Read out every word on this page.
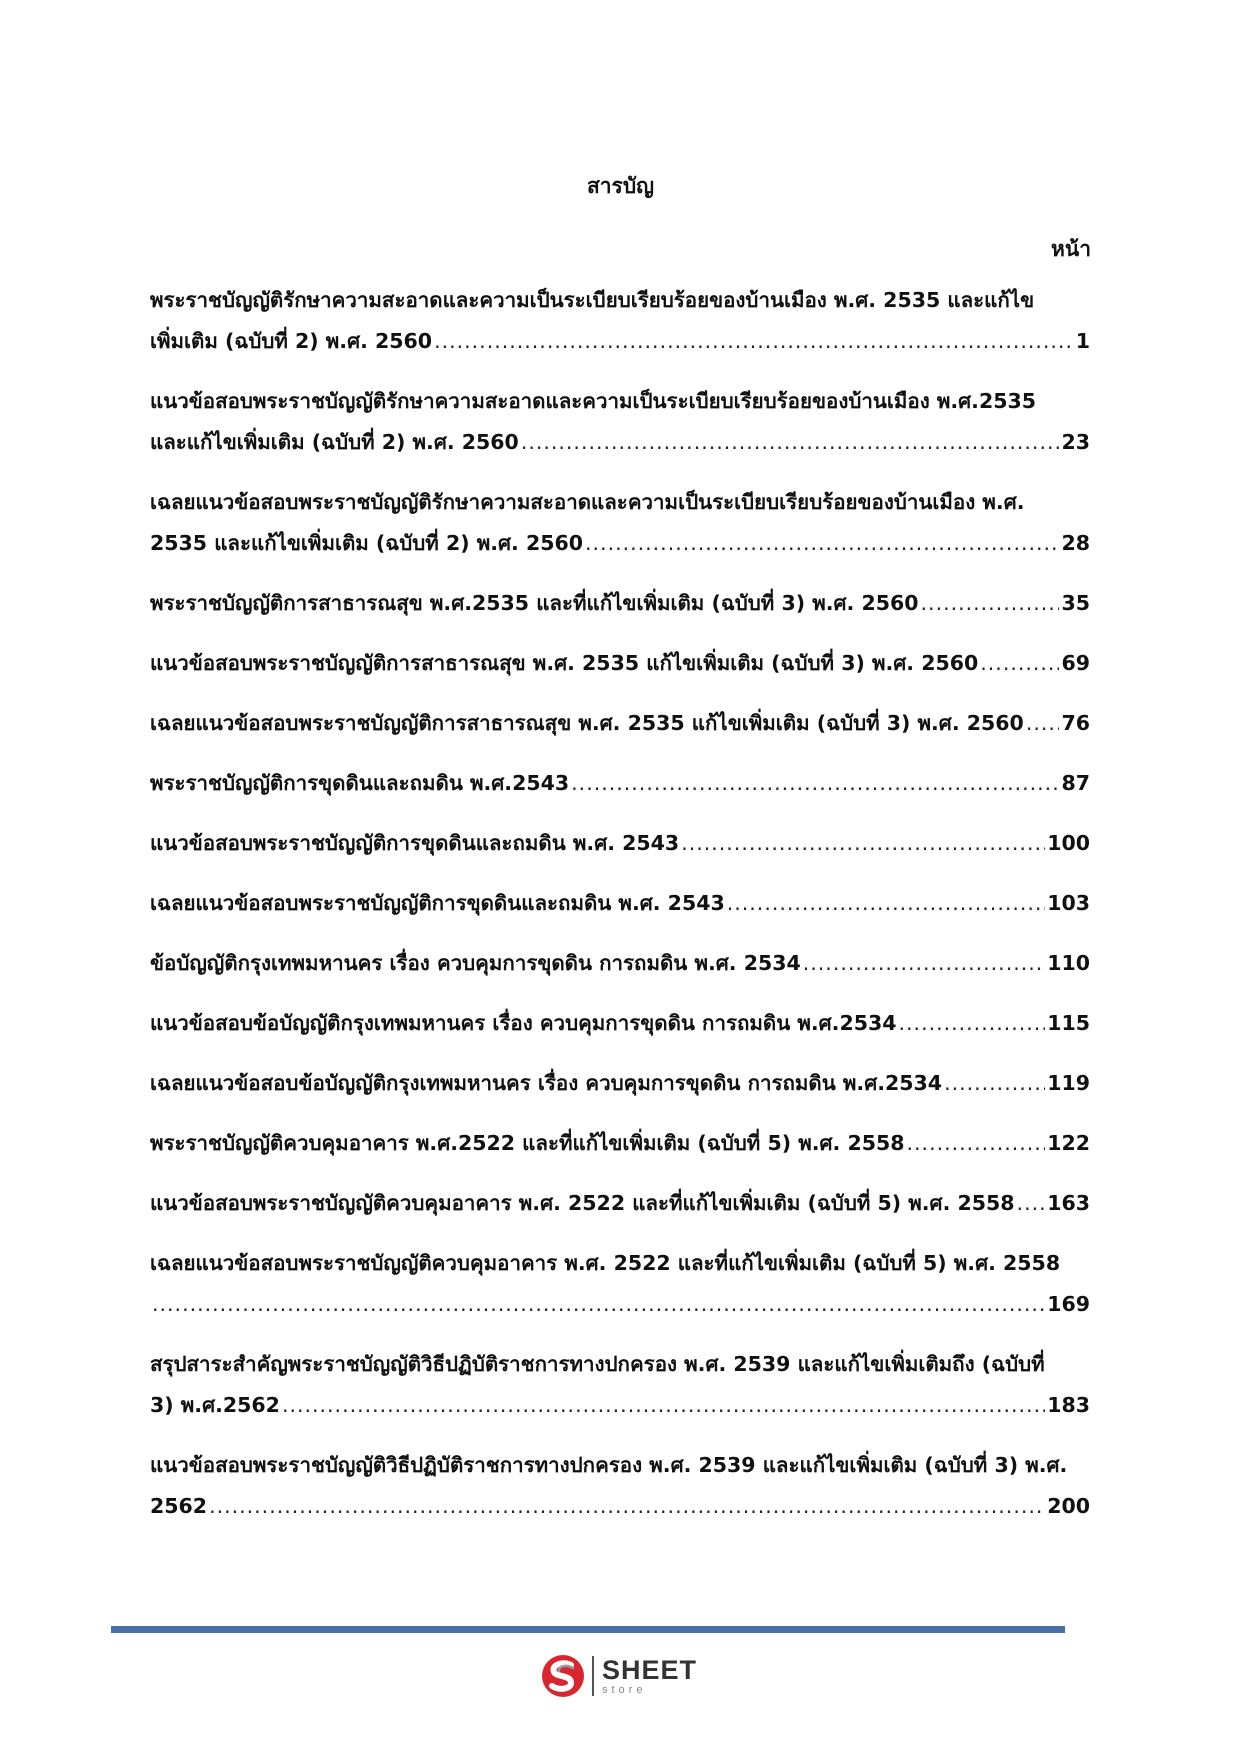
สารบัญ
หน้า
พระราชบัญญัติรักษาความสะอาดและความเป็นระเบียบเรียบร้อยของบ้านเมือง พ.ศ. 2535 และแก้ไข
เพิ่มเติม (ฉบับที่ 2) พ.ศ. 2560 .....	1
แนวข้อสอบพระราชบัญญัติรักษาความสะอาดและความเป็นระเบียบเรียบร้อยของบ้านเมือง พ.ศ.2535
และแก้ไขเพิ่มเติม (ฉบับที่ 2) พ.ศ. 2560 .....	23
เฉลยแนวข้อสอบพระราชบัญญัติรักษาความสะอาดและความเป็นระเบียบเรียบร้อยของบ้านเมือง พ.ศ.
2535 และแก้ไขเพิ่มเติม (ฉบับที่ 2) พ.ศ. 2560 .....	28
พระราชบัญญัติการสาธารณสุข พ.ศ.2535 และที่แก้ไขเพิ่มเติม (ฉบับที่ 3) พ.ศ. 2560 .....	35
แนวข้อสอบพระราชบัญญัติการสาธารณสุข พ.ศ. 2535 แก้ไขเพิ่มเติม (ฉบับที่ 3) พ.ศ. 2560 .....	69
เฉลยแนวข้อสอบพระราชบัญญัติการสาธารณสุข พ.ศ. 2535 แก้ไขเพิ่มเติม (ฉบับที่ 3) พ.ศ. 2560 ..... 76
พระราชบัญญัติการขุดดินและถมดิน พ.ศ.2543 .....	87
แนวข้อสอบพระราชบัญญัติการขุดดินและถมดิน พ.ศ. 2543 .....	100
เฉลยแนวข้อสอบพระราชบัญญัติการขุดดินและถมดิน พ.ศ. 2543 .....	103
ข้อบัญญัติกรุงเทพมหานคร เรื่อง ควบคุมการขุดดิน การถมดิน พ.ศ. 2534 .....	110
แนวข้อสอบข้อบัญญัติกรุงเทพมหานคร เรื่อง ควบคุมการขุดดิน การถมดิน พ.ศ.2534 .....	115
เฉลยแนวข้อสอบข้อบัญญัติกรุงเทพมหานคร เรื่อง ควบคุมการขุดดิน การถมดิน พ.ศ.2534 .....	119
พระราชบัญญัติควบคุมอาคาร พ.ศ.2522 และที่แก้ไขเพิ่มเติม (ฉบับที่ 5) พ.ศ. 2558 .....	122
แนวข้อสอบพระราชบัญญัติควบคุมอาคาร พ.ศ. 2522 และที่แก้ไขเพิ่มเติม (ฉบับที่ 5) พ.ศ. 2558 ..... 163
เฉลยแนวข้อสอบพระราชบัญญัติควบคุมอาคาร พ.ศ. 2522 และที่แก้ไขเพิ่มเติม (ฉบับที่ 5) พ.ศ. 2558
.....
169
สรุปสาระสำคัญพระราชบัญญัติวิธีปฏิบัติราชการทางปกครอง พ.ศ. 2539 และแก้ไขเพิ่มเติมถึง (ฉบับที่
3) พ.ศ.2562 .....	183
แนวข้อสอบพระราชบัญญัติวิธีปฏิบัติราชการทางปกครอง พ.ศ. 2539 และแก้ไขเพิ่มเติม (ฉบับที่ 3) พ.ศ.
2562 .....	200
SHEET
store
